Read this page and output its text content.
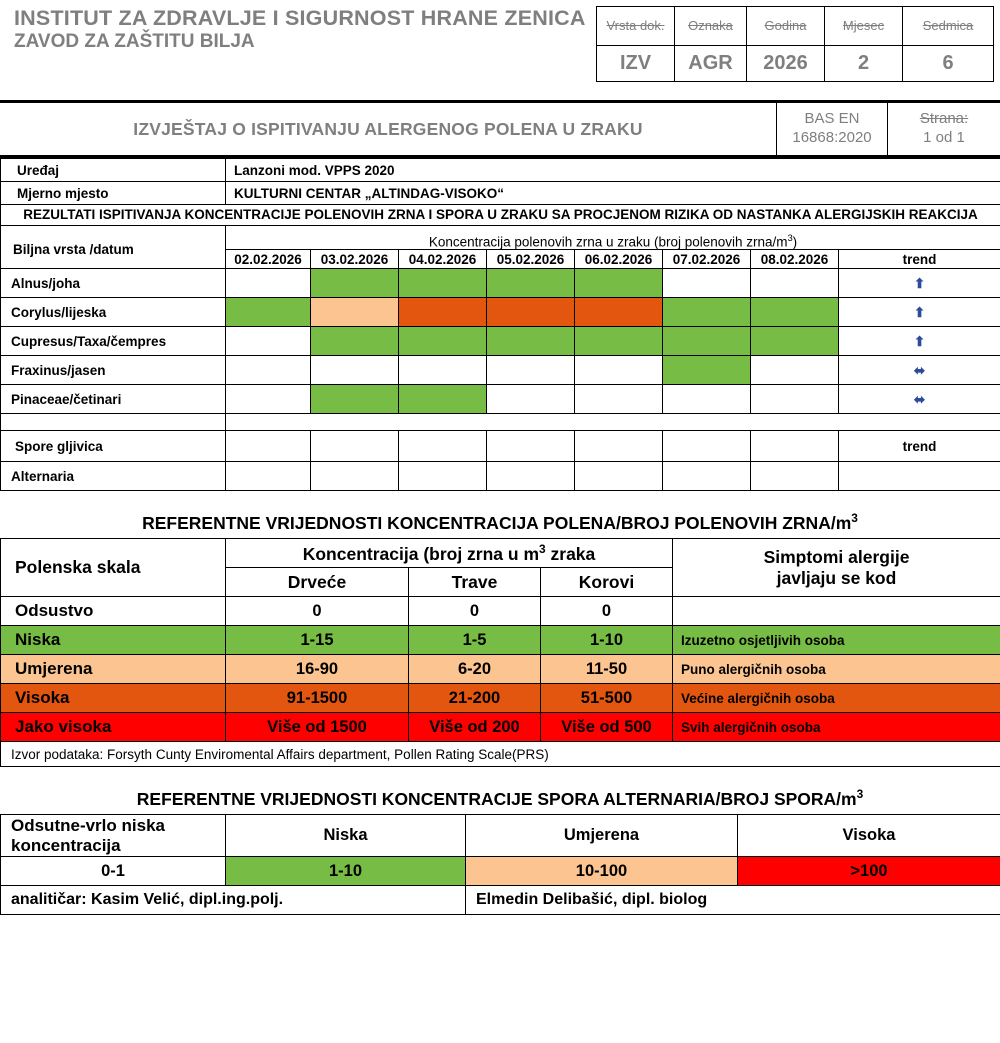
INSTITUT ZA ZDRAVLJE I SIGURNOST HRANE ZENICA
ZAVOD ZA ZAŠTITU BILJA
Vrsta dok.	Oznaka	Godina	Mjesec	Sedmica
IZV	AGR	2026	2	6
IZVJEŠTAJ O ISPITIVANJU ALERGENOG POLENA U ZRAKU	BAS EN
16868:2020
Strana:
1 od 1
Uređaj	Lanzoni mod. VPPS 2020							
Mjerno mjesto	KULTURNI CENTAR „ALTINDAG-VISOKO“							
REZULTATI ISPITIVANJA KONCENTRACIJE POLENOVIH ZRNA I SPORA U ZRAKU SA PROCJENOM RIZIKA OD NASTANKA ALERGIJSKIH REAKCIJA								
Biljna vrsta /datum	Koncentracija polenovih zrna u zraku (broj polenovih zrna/$m^3$)							
	02.02.2026	03.02.2026	04.02.2026	05.02.2026	06.02.2026	07.02.2026	08.02.2026	trend
Alnus/joha								⬆
Corylus/lijeska								⬆
Cupresus/Taxa/čempres								⬆
Fraxinus/jasen								⬌
Pinaceae/četinari								⬌

Spore gljivica								trend
Alternaria								
REFERENTNE VRIJEDNOSTI KONCENTRACIJA POLENA/BROJ POLENOVIH ZRNA/$m^3$
Polenska skala	Koncentracija (broj zrna u $m^3$ zraka			Simptomi alergije
javljaju se kod

	Drveće	Trave	Korovi	
Odsustvo	0	0	0	
Niska	1-15	1-5	1-10	Izuzetno osjetljivih osoba
Umjerena	16-90	6-20	11-50	Puno alergičnih osoba
Visoka	91-1500	21-200	51-500	Većine alergičnih osoba
Jako visoka	Više od 1500	Više od 200	Više od 500	Svih alergičnih osoba
Izvor podataka: Forsyth Cunty Enviromental Affairs department, Pollen Rating Scale(PRS)				
REFERENTNE VRIJEDNOSTI KONCENTRACIJE SPORA ALTERNARIA/BROJ SPORA/$m^3$
Odsutne-vrlo niska koncentracija	Niska	Umjerena	Visoka
0-1	1-10	10-100	>100
analitičar: Kasim Velić, dipl.ing.polj.		Elmedin Delibašić, dipl. biolog	
